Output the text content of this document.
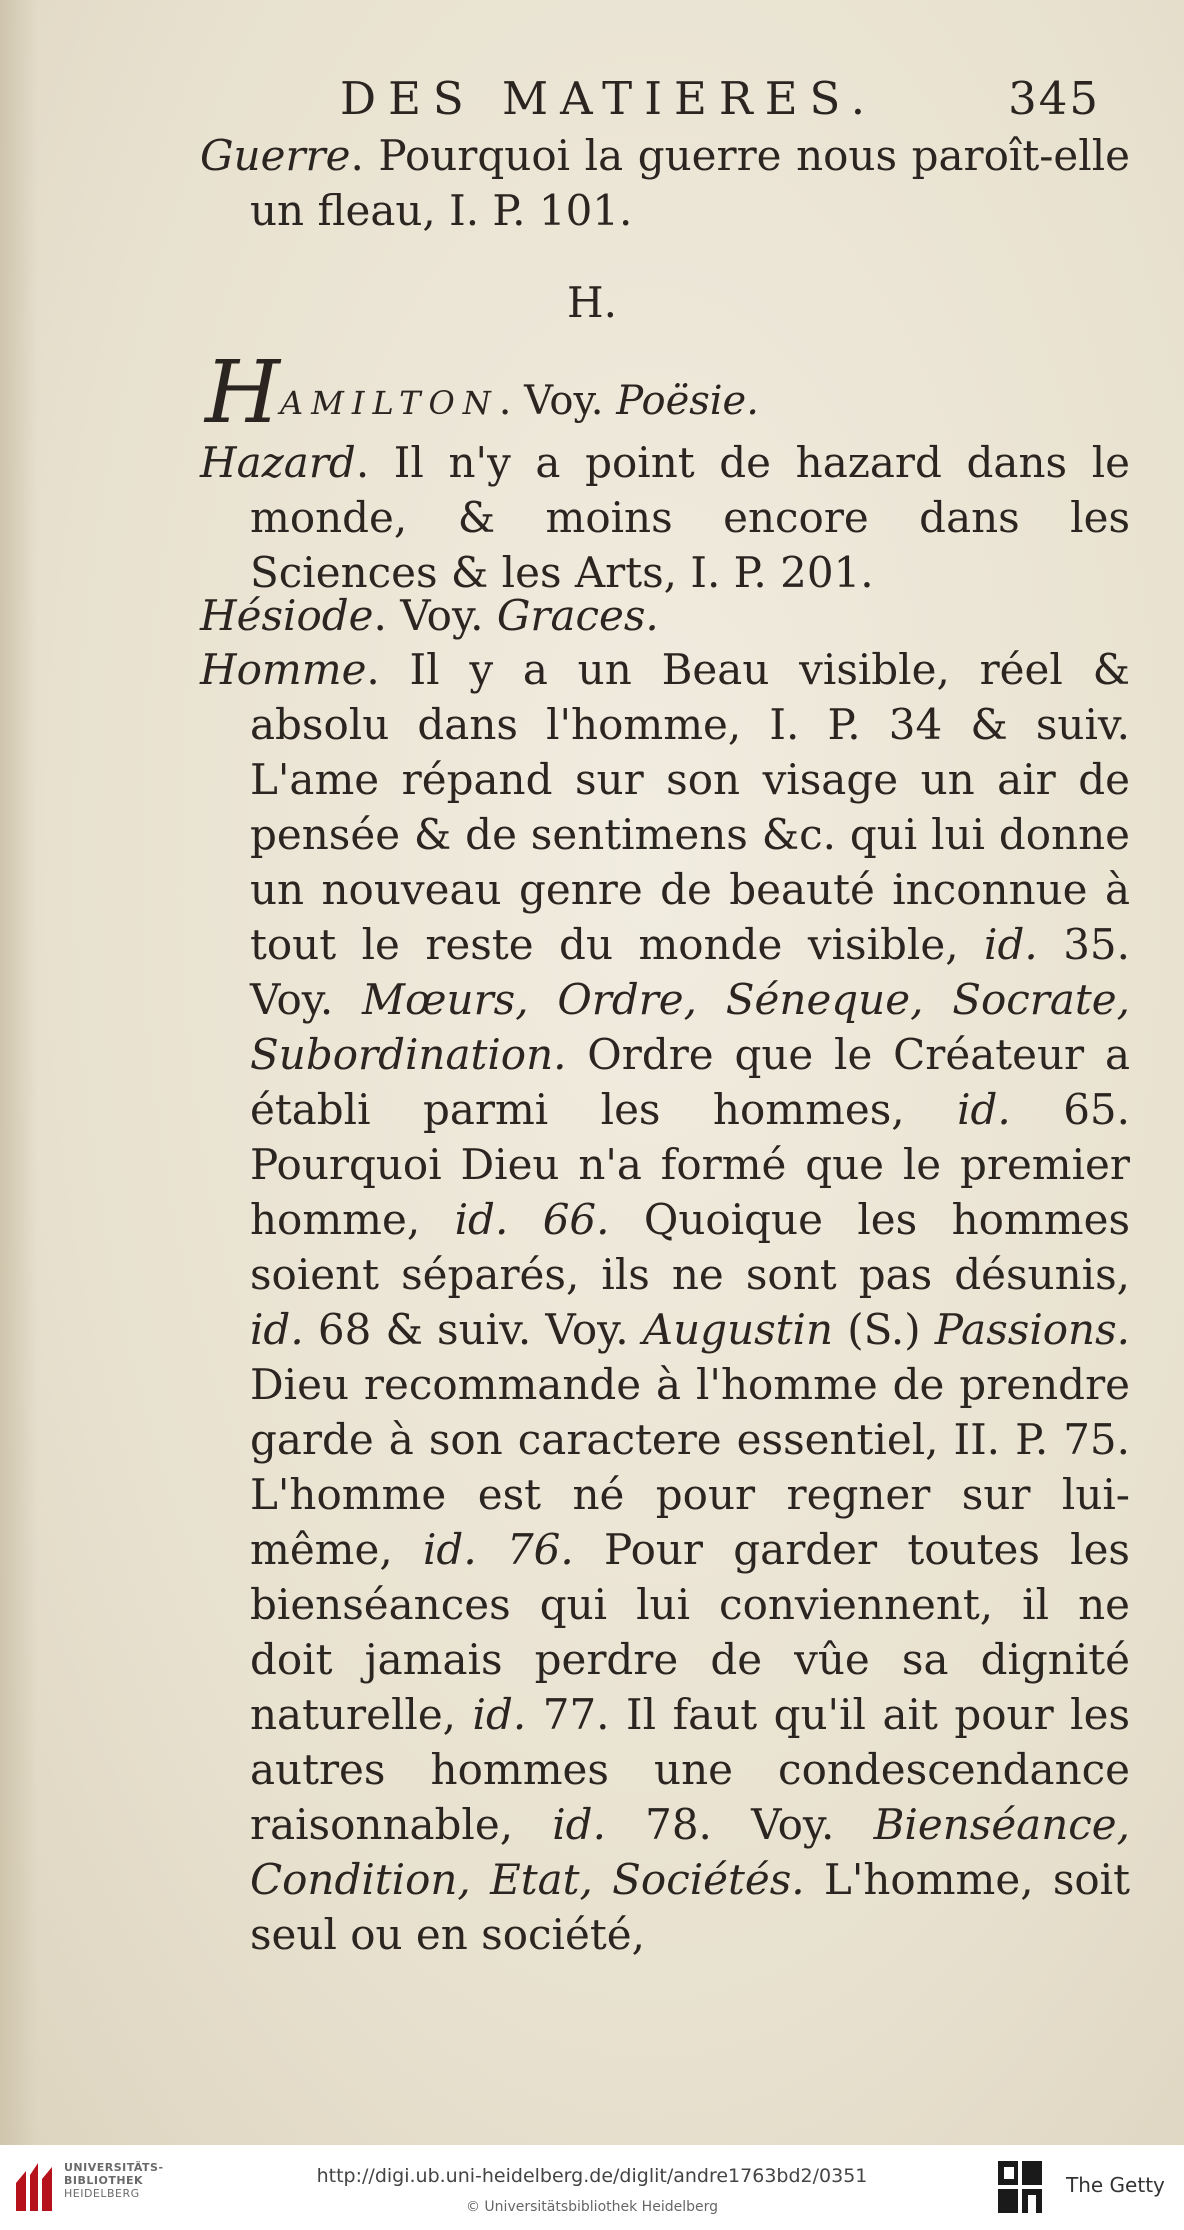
DES MATIERES.	345
Guerre. Pourquoi la guerre nous paroît-elle un fleau, I. P. 101.
H.
HAMILTON. Voy. Poësie.
Hazard. Il n'y a point de hazard dans le monde, & moins encore dans les Sciences & les Arts, I. P. 201.
Hésiode. Voy. Graces.
Homme. Il y a un Beau visible, réel & absolu dans l'homme, I. P. 34 & suiv. L'ame répand sur son visage un air de pensée & de sentimens &c. qui lui donne un nouveau genre de beauté inconnue à tout le reste du monde visible, id. 35. Voy. Mœurs, Ordre, Séneque, Socrate, Subordination. Ordre que le Créateur a établi parmi les hommes, id. 65. Pourquoi Dieu n'a formé que le premier homme, id. 66. Quoique les hommes soient séparés, ils ne sont pas désunis, id. 68 & suiv. Voy. Augustin (S.) Passions. Dieu recommande à l'homme de prendre garde à son caractere essentiel, II. P. 75. L'homme est né pour regner sur lui-même, id. 76. Pour garder toutes les bienséances qui lui conviennent, il ne doit jamais perdre de vûe sa dignité naturelle, id. 77. Il faut qu'il ait pour les autres hommes une condescendance raisonnable, id. 78. Voy. Bienséance, Condition, Etat, Sociétés. L'homme, soit seul ou en société,
UNIVERSITÄTS-
BIBLIOTHEK
HEIDELBERG
http://digi.ub.uni-heidelberg.de/diglit/andre1763bd2/0351
© Universitätsbibliothek Heidelberg
The Getty
